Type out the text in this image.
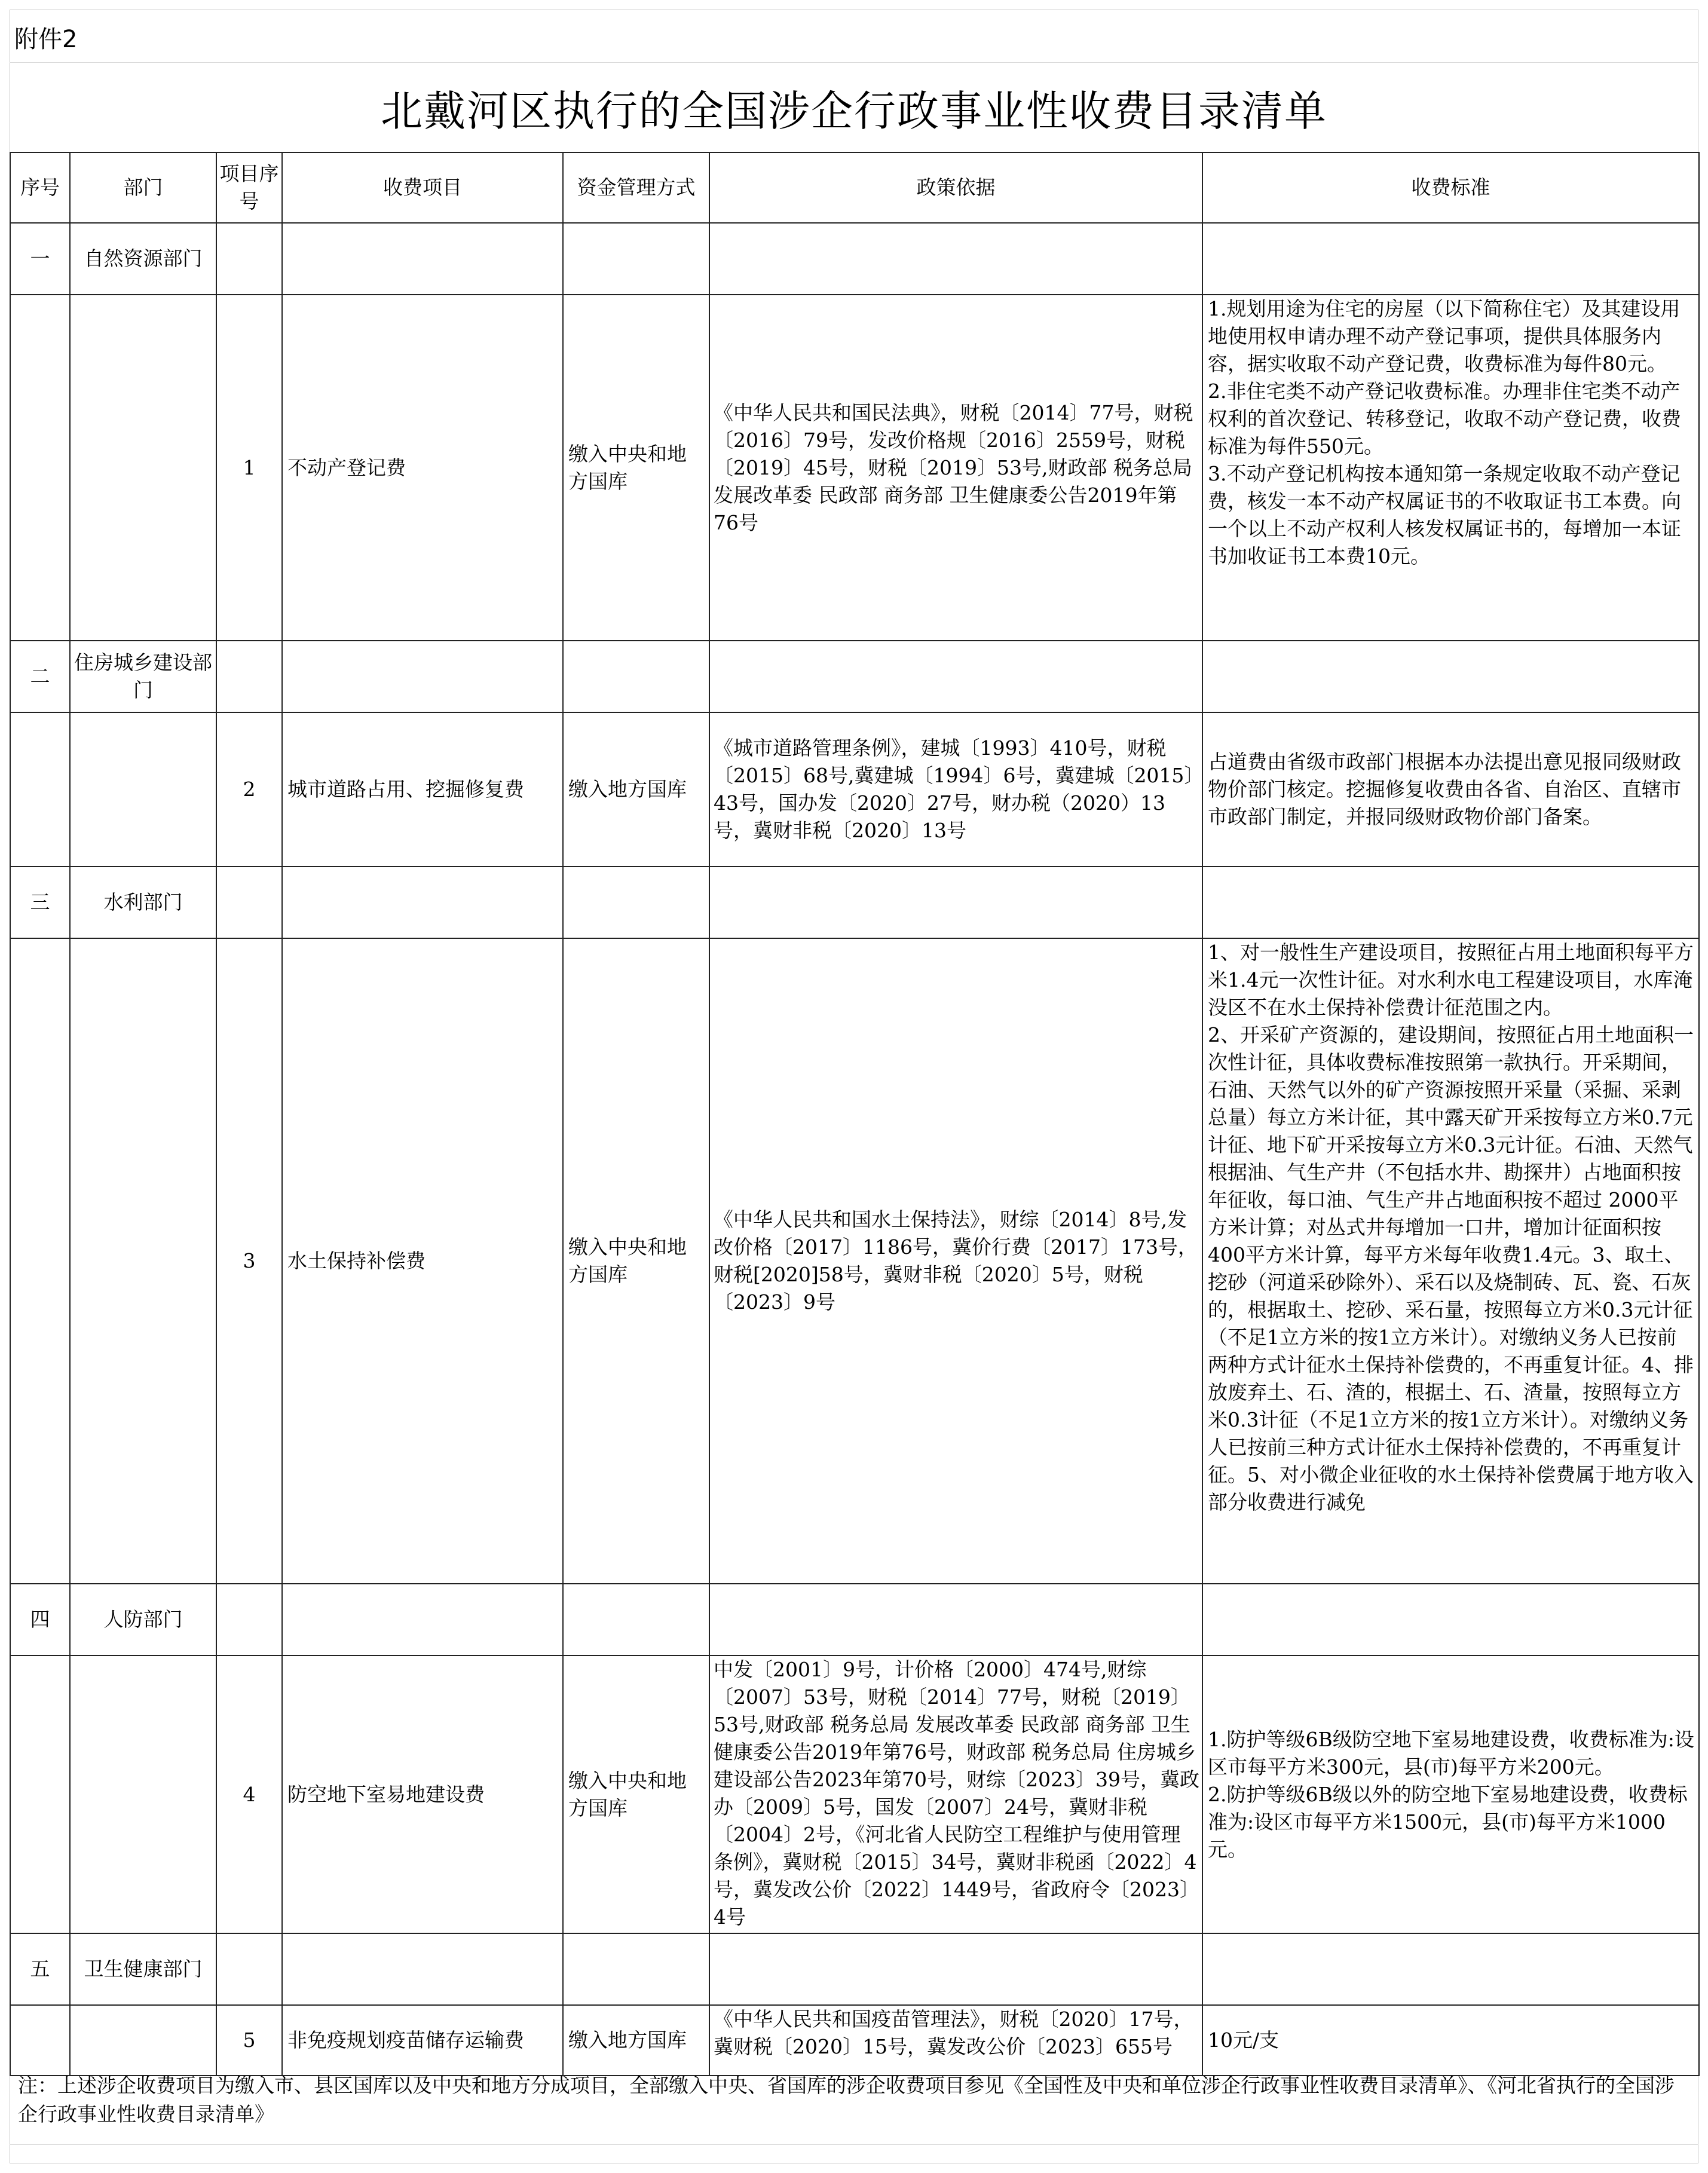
附件2
北戴河区执行的全国涉企行政事业性收费目录清单
序号	部门	项目序号	收费项目	资金管理方式	政策依据	收费标准
一	自然资源部门					
		1	不动产登记费	缴入中央和地方国库	《中华人民共和国民法典》，财税〔2014〕77号，财税〔2016〕79号，发改价格规〔2016〕2559号，财税〔2019〕45号，财税〔2019〕53号,财政部 税务总局 发展改革委 民政部 商务部 卫生健康委公告2019年第76号	1.规划用途为住宅的房屋（以下简称住宅）及其建设用地使用权申请办理不动产登记事项，提供具体服务内容，据实收取不动产登记费，收费标准为每件80元。
2.非住宅类不动产登记收费标准。办理非住宅类不动产权利的首次登记、转移登记，收取不动产登记费，收费标准为每件550元。
3.不动产登记机构按本通知第一条规定收取不动产登记费，核发一本不动产权属证书的不收取证书工本费。向一个以上不动产权利人核发权属证书的，每增加一本证书加收证书工本费10元。

二	住房城乡建设部门					
		2	城市道路占用、挖掘修复费	缴入地方国库	《城市道路管理条例》，建城〔1993〕410号，财税〔2015〕68号,冀建城〔1994〕6号，冀建城〔2015〕43号，国办发〔2020〕27号，财办税（2020）13号，冀财非税〔2020〕13号	占道费由省级市政部门根据本办法提出意见报同级财政物价部门核定。挖掘修复收费由各省、自治区、直辖市市政部门制定，并报同级财政物价部门备案。

三	水利部门					
		3	水土保持补偿费	缴入中央和地方国库	《中华人民共和国水土保持法》，财综〔2014〕8号,发改价格〔2017〕1186号，冀价行费〔2017〕173号，财税[2020]58号，冀财非税〔2020〕5号，财税〔2023〕9号	1、对一般性生产建设项目，按照征占用土地面积每平方米1.4元一次性计征。对水利水电工程建设项目，水库淹没区不在水土保持补偿费计征范围之内。
2、开采矿产资源的，建设期间，按照征占用土地面积一次性计征，具体收费标准按照第一款执行。开采期间，石油、天然气以外的矿产资源按照开采量（采掘、采剥总量）每立方米计征，其中露天矿开采按每立方米0.7元计征、地下矿开采按每立方米0.3元计征。石油、天然气根据油、气生产井（不包括水井、勘探井）占地面积按年征收，每口油、气生产井占地面积按不超过 2000平方米计算；对丛式井每增加一口井，增加计征面积按400平方米计算，每平方米每年收费1.4元。3、取土、挖砂（河道采砂除外）、采石以及烧制砖、瓦、瓷、石灰的，根据取土、挖砂、采石量，按照每立方米0.3元计征（不足1立方米的按1立方米计）。对缴纳义务人已按前两种方式计征水土保持补偿费的，不再重复计征。4、排放废弃土、石、渣的，根据土、石、渣量，按照每立方米0.3计征（不足1立方米的按1立方米计）。对缴纳义务人已按前三种方式计征水土保持补偿费的，不再重复计征。5、对小微企业征收的水土保持补偿费属于地方收入部分收费进行减免

四	人防部门					
		4	防空地下室易地建设费	缴入中央和地方国库	中发〔2001〕9号，计价格〔2000〕474号,财综〔2007〕53号，财税〔2014〕77号，财税〔2019〕53号,财政部 税务总局 发展改革委 民政部 商务部 卫生健康委公告2019年第76号，财政部 税务总局 住房城乡建设部公告2023年第70号，财综〔2023〕39号，冀政办〔2009〕5号，国发〔2007〕24号，冀财非税〔2004〕2号，《河北省人民防空工程维护与使用管理条例》，冀财税〔2015〕34号，冀财非税函〔2022〕4号，冀发改公价〔2022〕1449号，省政府令〔2023〕4号	1.防护等级6B级防空地下室易地建设费，收费标准为:设区市每平方米300元，县(市)每平方米200元。
2.防护等级6B级以外的防空地下室易地建设费，收费标准为:设区市每平方米1500元，县(市)每平方米1000元。

五	卫生健康部门					
		5	非免疫规划疫苗储存运输费	缴入地方国库	《中华人民共和国疫苗管理法》，财税〔2020〕17号，冀财税〔2020〕15号，冀发改公价〔2023〕655号	10元/支
注：上述涉企收费项目为缴入市、县区国库以及中央和地方分成项目，全部缴入中央、省国库的涉企收费项目参见《全国性及中央和单位涉企行政事业性收费目录清单》、《河北省执行的全国涉企行政事业性收费目录清单》
